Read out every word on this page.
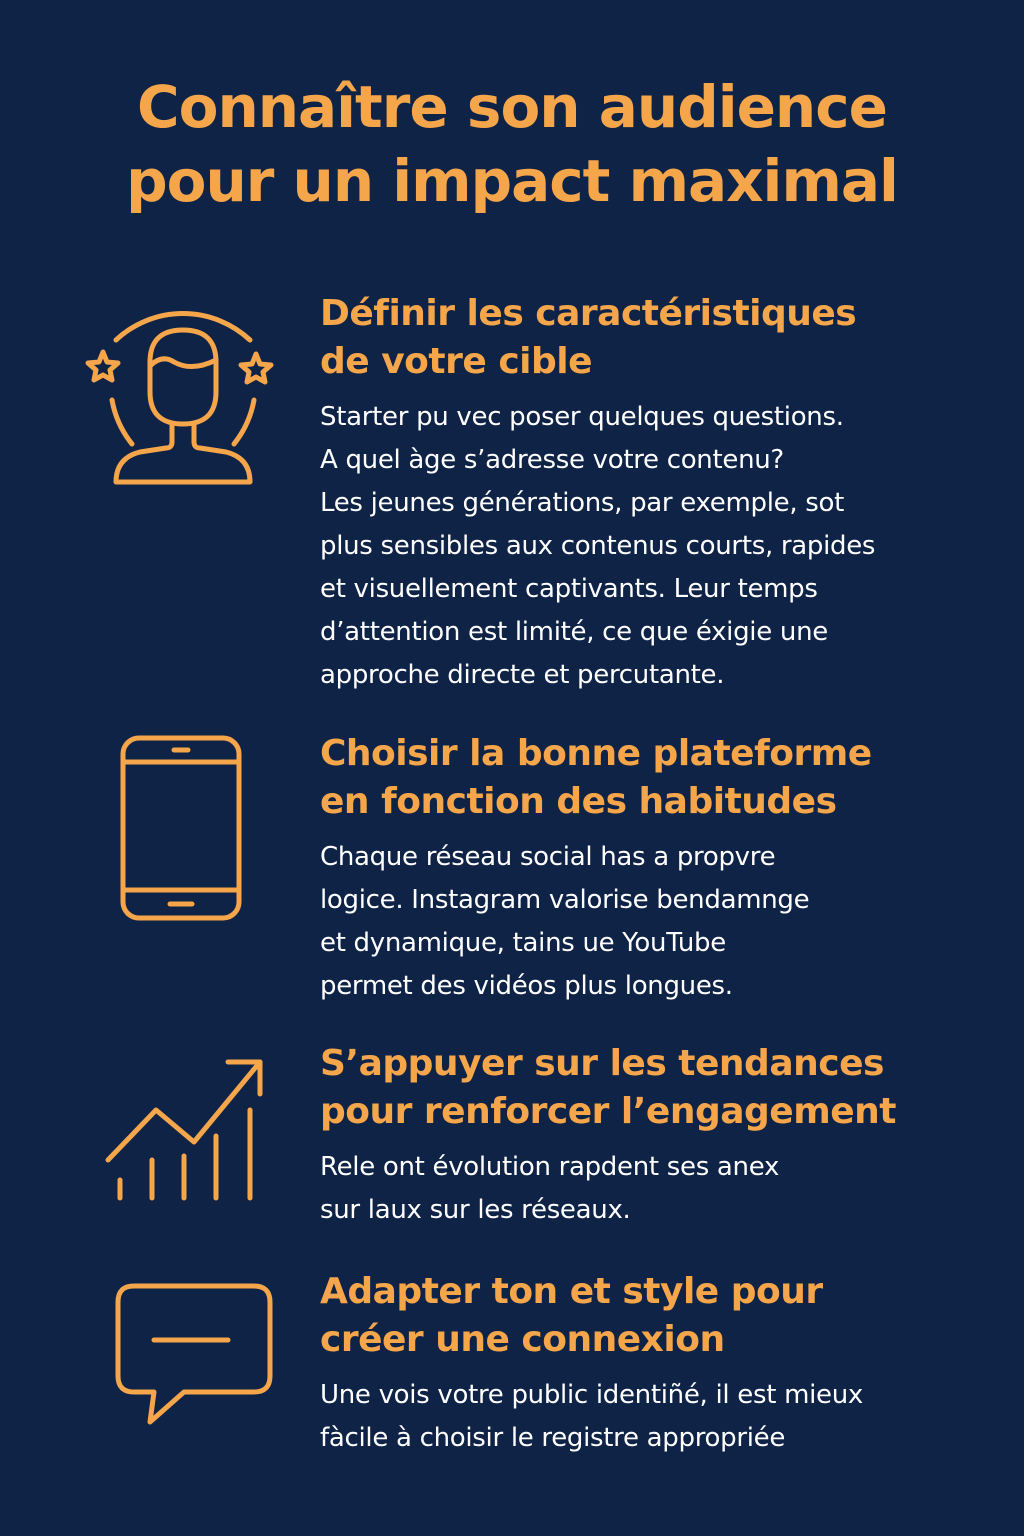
Connaître son audience
pour un impact maximal
Définir les caractéristiques
de votre cible
Starter pu vec poser quelques questions.
A quel àge s’adresse votre contenu?
Les jeunes générations, par exemple, sot
plus sensibles aux contenus courts, rapides
et visuellement captivants. Leur temps
d’attention est limité, ce que éxigie une
approche directe et percutante.
Choisir la bonne plateforme
en fonction des habitudes
Chaque réseau social has a propvre
logice. Instagram valorise bendamnge
et dynamique, tains ue YouTube
permet des vidéos plus longues.
S’appuyer sur les tendances
pour renforcer l’engagement
Rele ont évolution rapdent ses anex
sur laux sur les réseaux.
Adapter ton et style pour
créer une connexion
Une vois votre public identiñé, il est mieux
fàcile à choisir le registre appropriée
